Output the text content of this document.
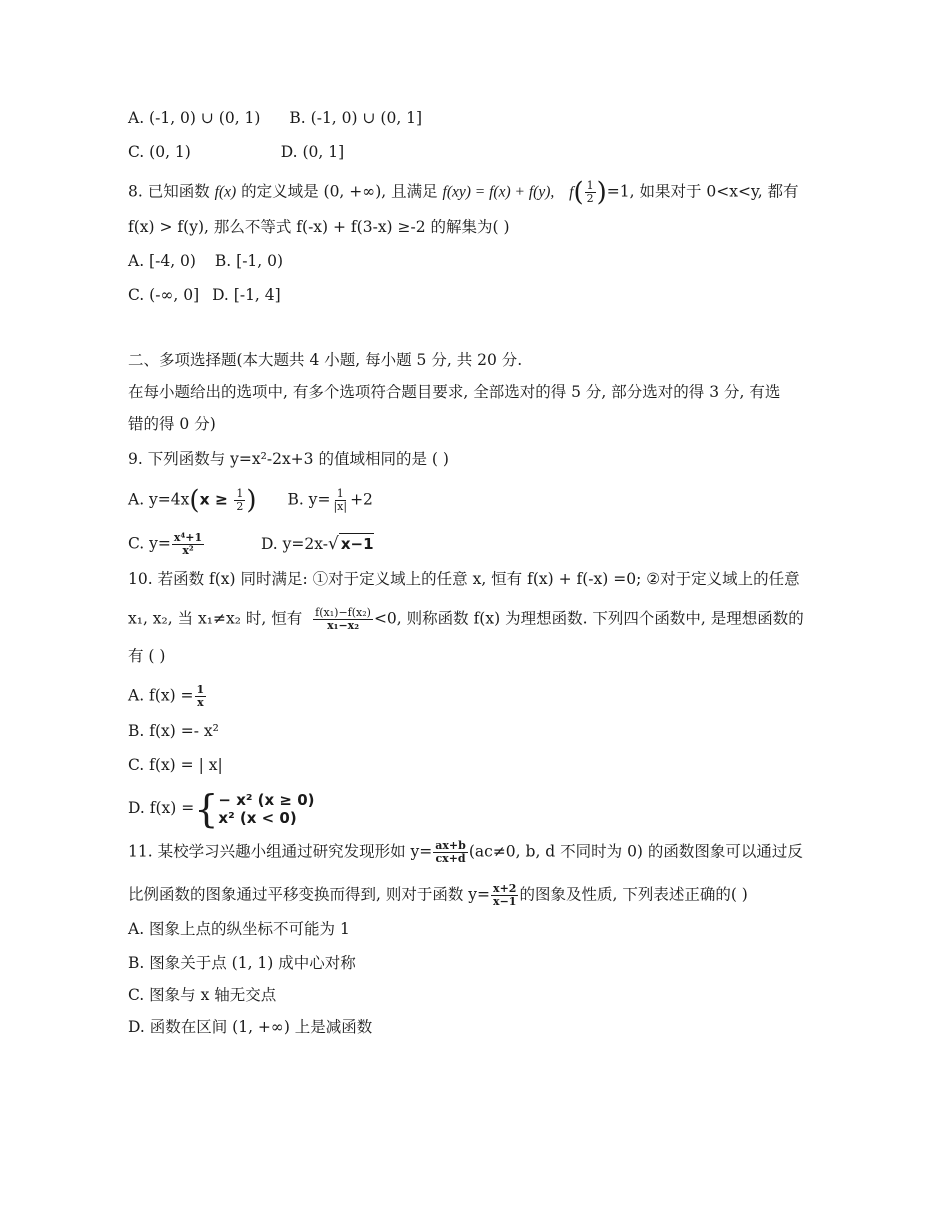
A. (-1, 0) ∪ (0, 1) B. (-1, 0) ∪ (0, 1]
C. (0, 1)	D. (0, 1]
8. 已知函数 f(x) 的定义域是 (0, +∞), 且满足 f(xy) = f(x) + f(y), $f( \frac{1}{2} )=1$, 如果对于 0<x<y, 都有
f(x) > f(y), 那么不等式 f(-x) + f(3-x) ≥-2 的解集为( )
A. [-4, 0) B. [-1, 0)
C. (-∞, 0] D. [-1, 4]
二、多项选择题(本大题共 4 小题, 每小题 5 分, 共 20 分.
在每小题给出的选项中, 有多个选项符合题目要求, 全部选对的得 5 分, 部分选对的得 3 分, 有选
错的得 0 分)
9. 下列函数与 y=x²-2x+3 的值域相同的是 ( )
A. $y=4x(x \ge \frac{1}{2}$ ) B. $y= \frac{1}{|x|} +2$
C. $y= \frac{\text{x⁴+1}}{\text{x²}}$	D. y=2x-√ x−1
10. 若函数 f(x) 同时满足: ①对于定义域上的任意 x, 恒有 f(x) + f(-x) =0; ②对于定义域上的任意
x₁, x₂, 当 x₁≠x₂ 时, 恒有 $\frac{\text{f(x₁)−f(x₂)}}{\text{x₁−x₂}} <0$, 则称函数 f(x) 为理想函数. 下列四个函数中, 是理想函数的
有 ( )
A. $f(x) = \frac{1}{x}$
B. f(x) =- x²
C. f(x) = | x|
D. f(x) ={ − x² (x ≥ 0)
x² (x < 0)
11. 某校学习兴趣小组通过研究发现形如 $y= \frac{ax+b}{cx+d} (ac\ne 0$, b, d 不同时为 0) 的函数图象可以通过反
比例函数的图象通过平移变换而得到, 则对于函数 $y= \frac{x+2}{x-1}$ 的图象及性质, 下列表述正确的( )
A. 图象上点的纵坐标不可能为 1
B. 图象关于点 (1, 1) 成中心对称
C. 图象与 x 轴无交点
D. 函数在区间 (1, +∞) 上是减函数
